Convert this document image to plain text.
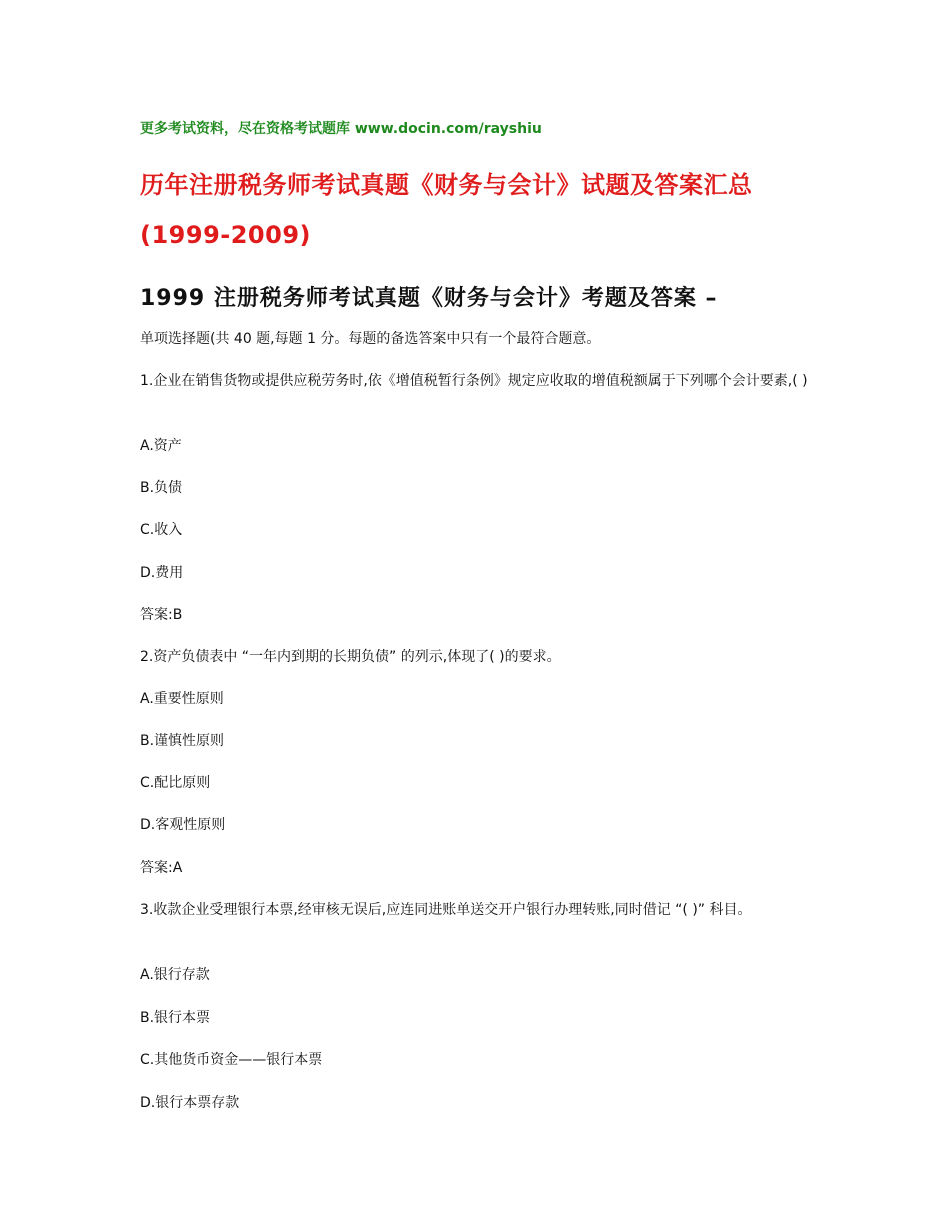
更多考试资料，尽在资格考试题库 www.docin.com/rayshiu
历年注册税务师考试真题《财务与会计》试题及答案汇总
(1999-2009)
1999 注册税务师考试真题《财务与会计》考题及答案 –
单项选择题(共 40 题,每题 1 分。每题的备选答案中只有一个最符合题意。
1.企业在销售货物或提供应税劳务时,依《增值税暂行条例》规定应收取的增值税额属于下列哪个会计要素,( )
A.资产
B.负债
C.收入
D.费用
答案:B
2.资产负债表中 “一年内到期的长期负债” 的列示,体现了( )的要求。
A.重要性原则
B.谨慎性原则
C.配比原则
D.客观性原则
答案:A
3.收款企业受理银行本票,经审核无误后,应连同进账单送交开户银行办理转账,同时借记 “( )” 科目。
A.银行存款
B.银行本票
C.其他货币资金——银行本票
D.银行本票存款
